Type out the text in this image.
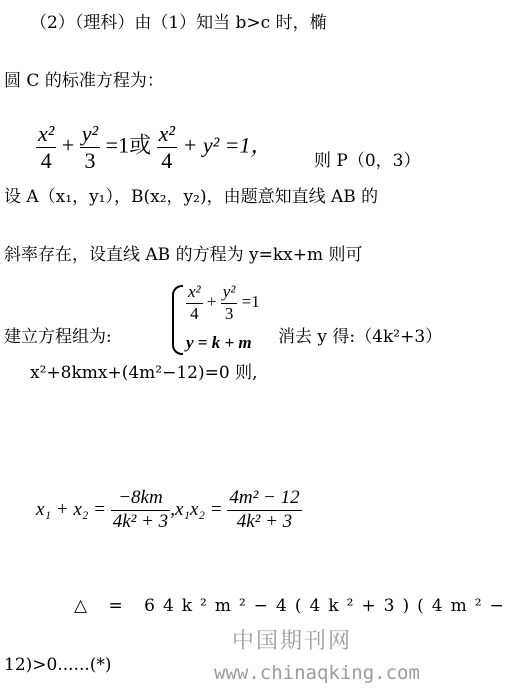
（2）（理科）由（1）知当 b>c 时，椭
圆 C 的标准方程为：
$\frac{\text{x²}}{4} + \frac{\text{y²}}{3} =1$或 $\frac{\text{x²}}{4} + y^2 =1$，
则 P（0，3）
设 A（x₁，y₁），B(x₂，y₂)，由题意知直线 AB 的
斜率存在，设直线 AB 的方程为 y=kx+m 则可
建立方程组为:
$\frac{\text{x²}}{4} + \frac{\text{y²}}{3} =1$
y = k + m 消去 y 得:（4k²+3）
x²+8kmx+(4m²−12)=0 则,
$x_1 + x_2 = \frac{-8km}{\text{4k² + 3}} ,x_1x_2 = \frac{\text{4m² − 12}}{\text{4k² + 3}}$
△ = 64k²m²−4(4k²+3)(4m²−
中国期刊网
12)>0......(*)	www.chinaqking.com
